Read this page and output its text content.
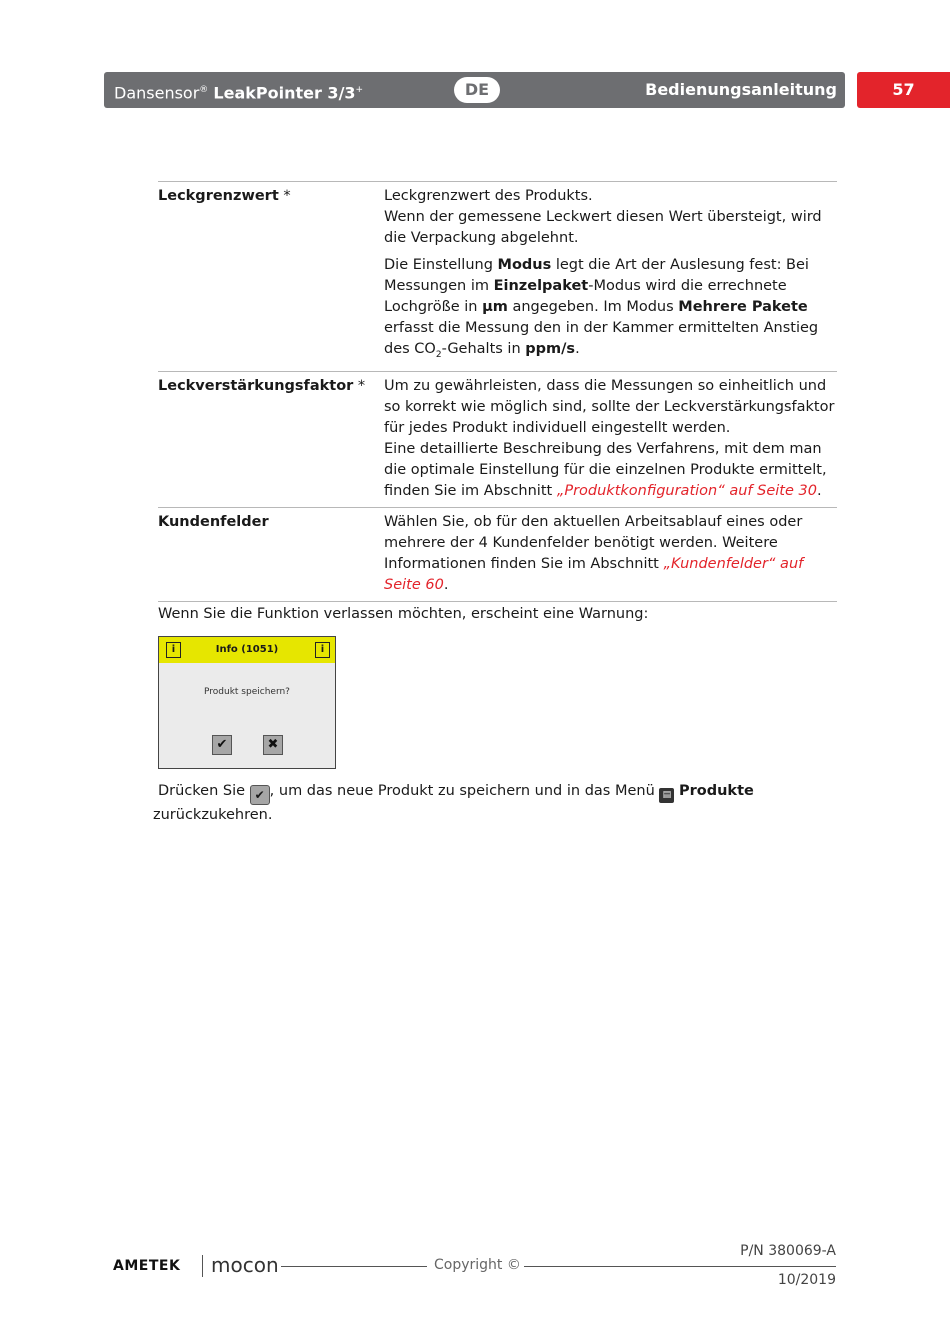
Dansensor® LeakPointer 3/3+	DE	Bedienungsanleitung	57
Leckgrenzwert *	Leckgrenzwert des Produkts.
Wenn der gemessene Leckwert diesen Wert übersteigt, wird die Verpackung abgelehnt.

Die Einstellung Modus legt die Art der Auslesung fest: Bei Messungen im Einzelpaket-Modus wird die errechnete Lochgröße in µm angegeben. Im Modus Mehrere Pakete erfasst die Messung den in der Kammer ermittelten Anstieg des $CO_2$-Gehalts in ppm/s.

Leckverstärkungsfaktor *	Um zu gewährleisten, dass die Messungen so einheitlich und so korrekt wie möglich sind, sollte der Leckverstärkungsfaktor für jedes Produkt individuell eingestellt werden.
Eine detaillierte Beschreibung des Verfahrens, mit dem man die optimale Einstellung für die einzelnen Produkte ermittelt, finden Sie im Abschnitt „Produktkonfiguration“ auf Seite 30.

Kundenfelder	Wählen Sie, ob für den aktuellen Arbeitsablauf eines oder mehrere der 4 Kundenfelder benötigt werden. Weitere Informationen finden Sie im Abschnitt „Kundenfelder“ auf Seite 60.

Wenn Sie die Funktion verlassen möchten, erscheint eine Warnung:
i	Info (1051)	i
Produkt speichern?
✔	✖
Drücken Sie ✔ , um das neue Produkt zu speichern und in das Menü ▤ Produkte
zurückzukehren.
AMETEK mocon	Copyright ©
P/N 380069-A
10/2019
